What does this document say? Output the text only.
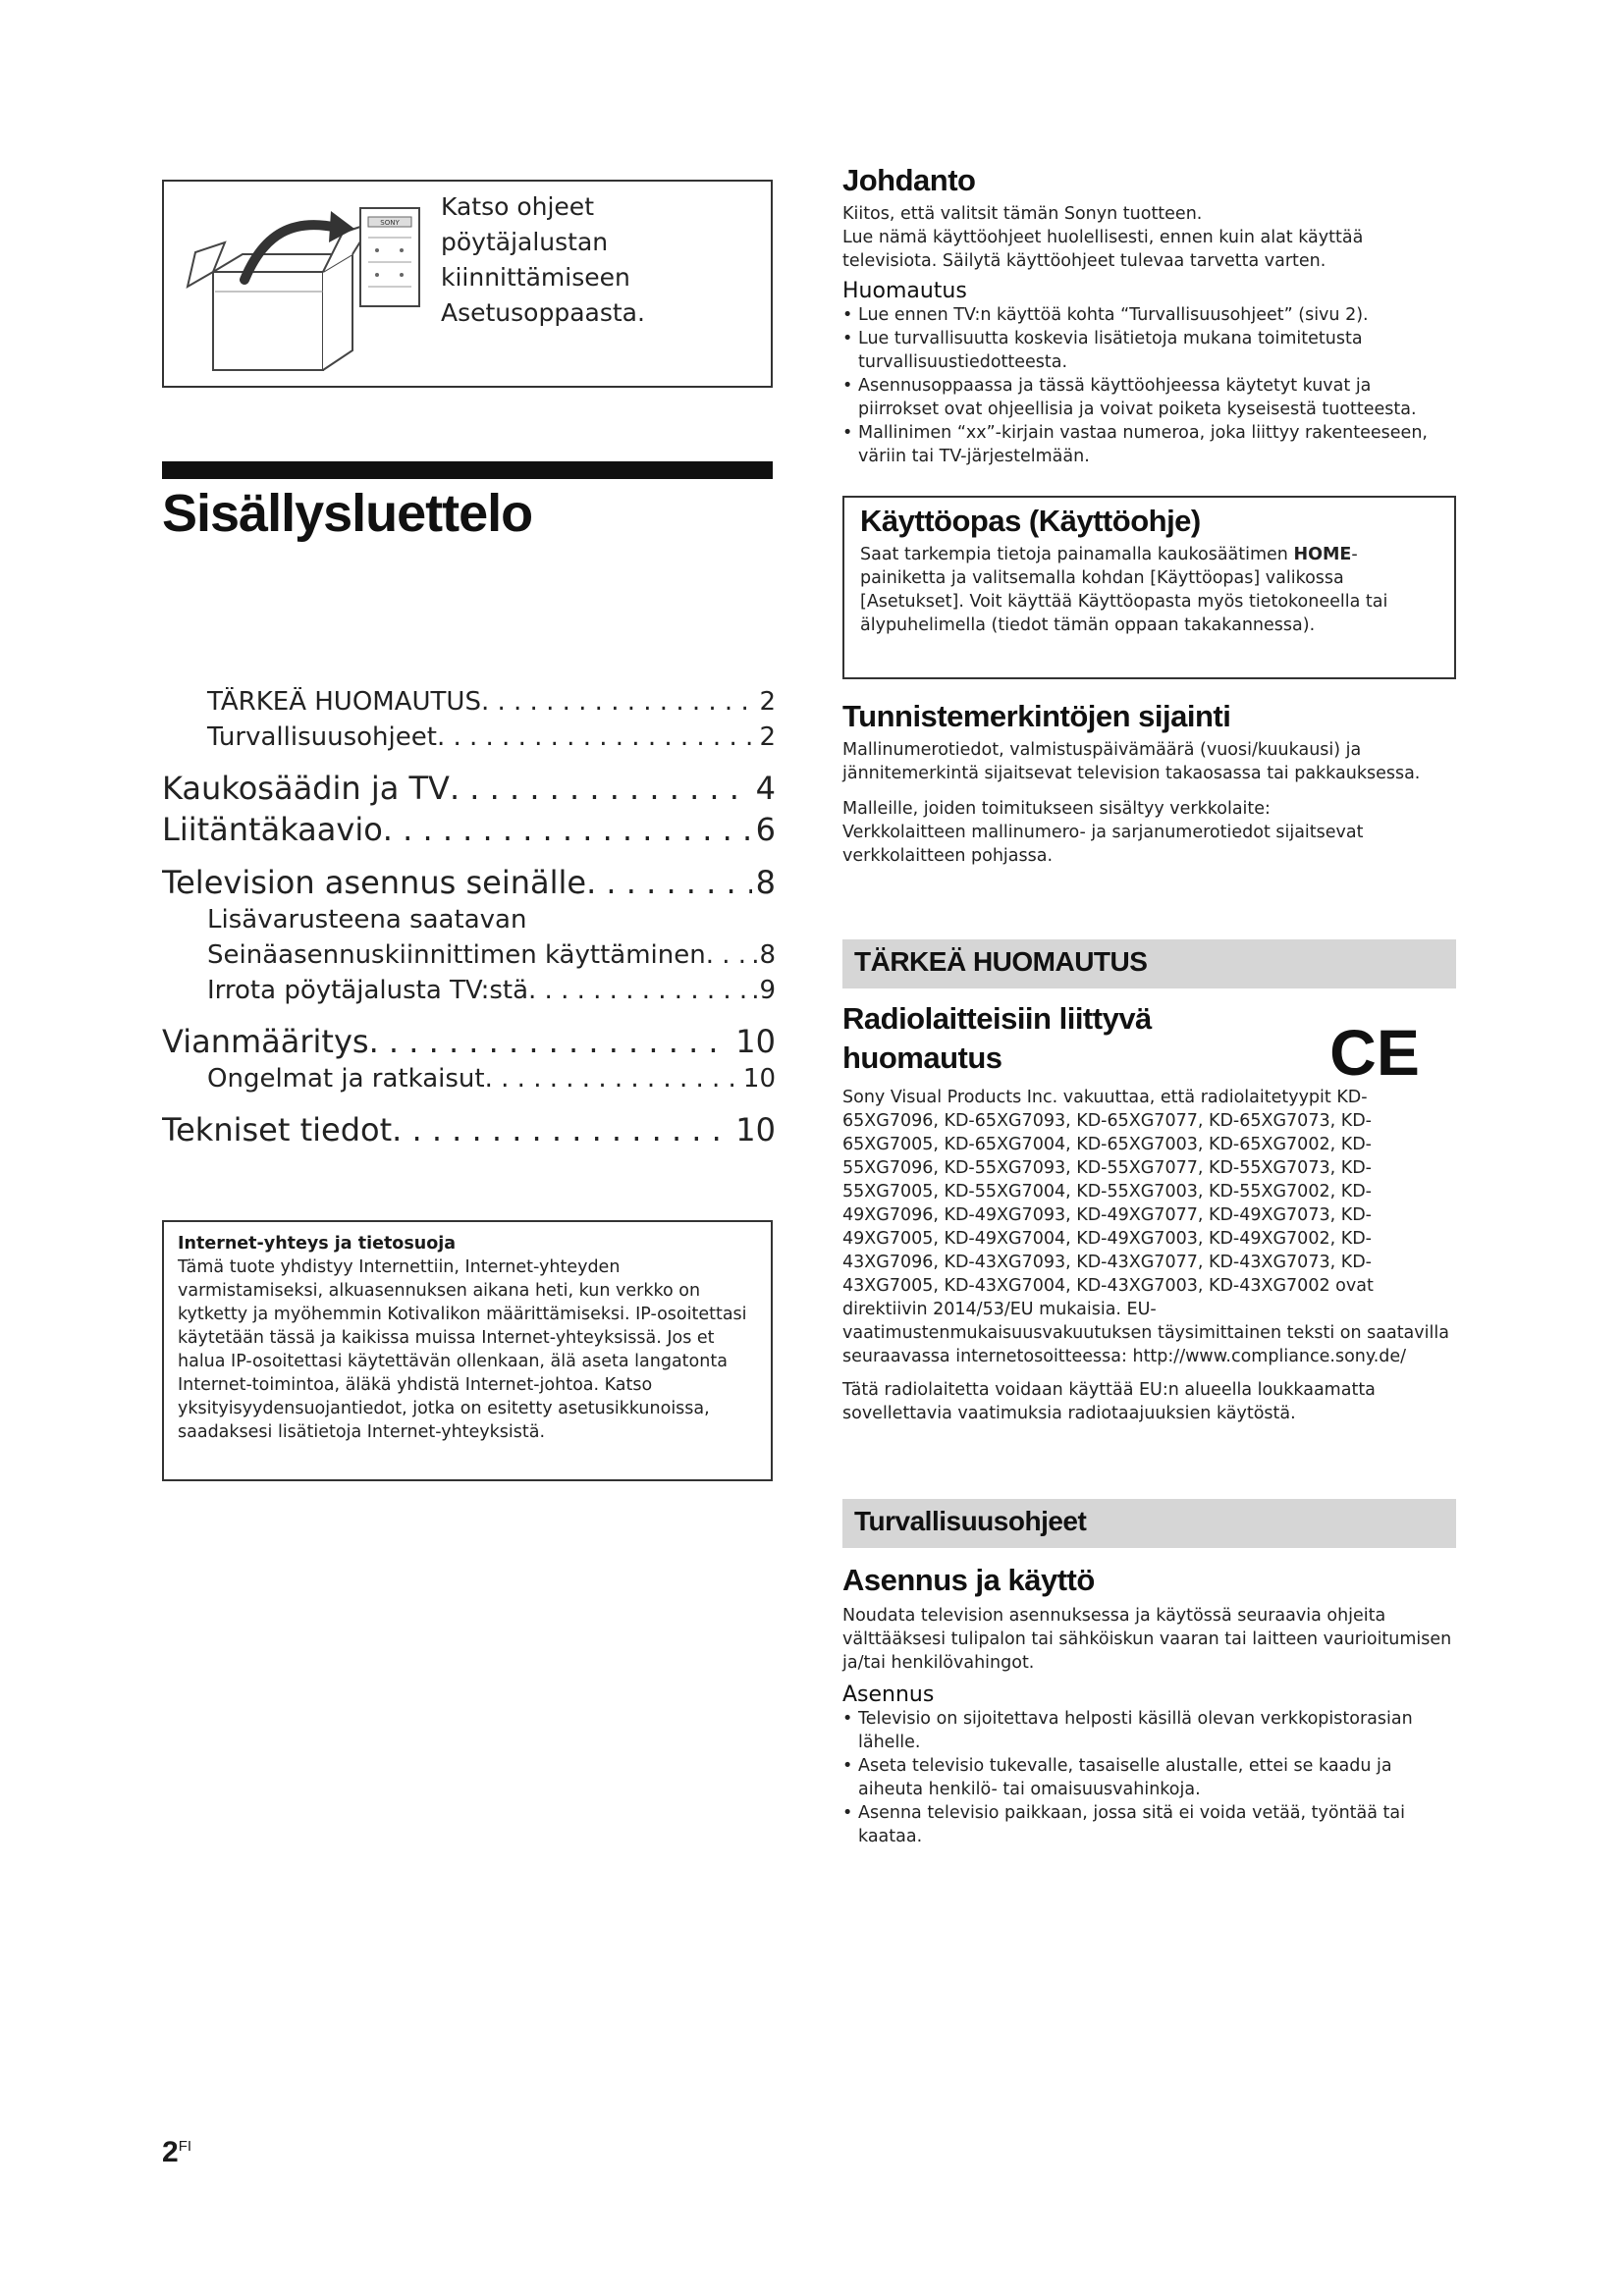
SONY
Katso ohjeet pöytäjalustan kiinnittämiseen Asetusoppaasta.
Sisällysluettelo
TÄRKEÄ HUOMAUTUS . . .	2
Turvallisuusohjeet . . .	2
Kaukosäädin ja TV . . .	4
Liitäntäkaavio . . .	6
Television asennus seinälle . . .	8
Lisävarusteena saatavan
Seinäasennuskiinnittimen käyttäminen . . . .8
Irrota pöytäjalusta TV:stä . . .	.9
Vianmääritys . . .	10
Ongelmat ja ratkaisut . . .	10
Tekniset tiedot . . .	10
Internet-yhteys ja tietosuoja
Tämä tuote yhdistyy Internettiin, Internet-yhteyden varmistamiseksi, alkuasennuksen aikana heti, kun verkko on kytketty ja myöhemmin Kotivalikon määrittämiseksi. IP-osoitettasi käytetään tässä ja kaikissa muissa Internet-yhteyksissä. Jos et halua IP-osoitettasi käytettävän ollenkaan, älä aseta langatonta Internet-toimintoa, äläkä yhdistä Internet-johtoa. Katso yksityisyydensuojantiedot, jotka on esitetty asetusikkunoissa, saadaksesi lisätietoja Internet-yhteyksistä.
$2^{FI}$
Johdanto
Kiitos, että valitsit tämän Sonyn tuotteen.
Lue nämä käyttöohjeet huolellisesti, ennen kuin alat käyttää televisiota. Säilytä käyttöohjeet tulevaa tarvetta varten.
Huomautus
• Lue ennen TV:n käyttöä kohta “Turvallisuusohjeet” (sivu 2).
• Lue turvallisuutta koskevia lisätietoja mukana toimitetusta turvallisuustiedotteesta.
• Asennusoppaassa ja tässä käyttöohjeessa käytetyt kuvat ja piirrokset ovat ohjeellisia ja voivat poiketa kyseisestä tuotteesta.
• Mallinimen “xx”-kirjain vastaa numeroa, joka liittyy rakenteeseen, väriin tai TV-järjestelmään.
Käyttöopas (Käyttöohje)
Saat tarkempia tietoja painamalla kaukosäätimen HOME-painiketta ja valitsemalla kohdan [Käyttöopas] valikossa [Asetukset]. Voit käyttää Käyttöopasta myös tietokoneella tai älypuhelimella (tiedot tämän oppaan takakannessa).
Tunnistemerkintöjen sijainti
Mallinumerotiedot, valmistuspäivämäärä (vuosi/kuukausi) ja jännitemerkintä sijaitsevat television takaosassa tai pakkauksessa.
Malleille, joiden toimitukseen sisältyy verkkolaite:
Verkkolaitteen mallinumero- ja sarjanumerotiedot sijaitsevat verkkolaitteen pohjassa.
TÄRKEÄ HUOMAUTUS
Radiolaitteisiin liittyvä
huomautus	CE
Sony Visual Products Inc. vakuuttaa, että radiolaitetyypit KD-65XG7096, KD-65XG7093, KD-65XG7077, KD-65XG7073, KD-65XG7005, KD-65XG7004, KD-65XG7003, KD-65XG7002, KD-55XG7096, KD-55XG7093, KD-55XG7077, KD-55XG7073, KD-55XG7005, KD-55XG7004, KD-55XG7003, KD-55XG7002, KD-49XG7096, KD-49XG7093, KD-49XG7077, KD-49XG7073, KD-49XG7005, KD-49XG7004, KD-49XG7003, KD-49XG7002, KD-43XG7096, KD-43XG7093, KD-43XG7077, KD-43XG7073, KD-43XG7005, KD-43XG7004, KD-43XG7003, KD-43XG7002 ovat direktiivin 2014/53/EU mukaisia. EU-vaatimustenmukaisuusvakuutuksen täysimittainen teksti on saatavilla seuraavassa internetosoitteessa: http://www.compliance.sony.de/
Tätä radiolaitetta voidaan käyttää EU:n alueella loukkaamatta sovellettavia vaatimuksia radiotaajuuksien käytöstä.
Turvallisuusohjeet
Asennus ja käyttö
Noudata television asennuksessa ja käytössä seuraavia ohjeita välttääksesi tulipalon tai sähköiskun vaaran tai laitteen vaurioitumisen ja/tai henkilövahingot.
Asennus
• Televisio on sijoitettava helposti käsillä olevan verkkopistorasian lähelle.
• Aseta televisio tukevalle, tasaiselle alustalle, ettei se kaadu ja aiheuta henkilö- tai omaisuusvahinkoja.
• Asenna televisio paikkaan, jossa sitä ei voida vetää, työntää tai kaataa.
